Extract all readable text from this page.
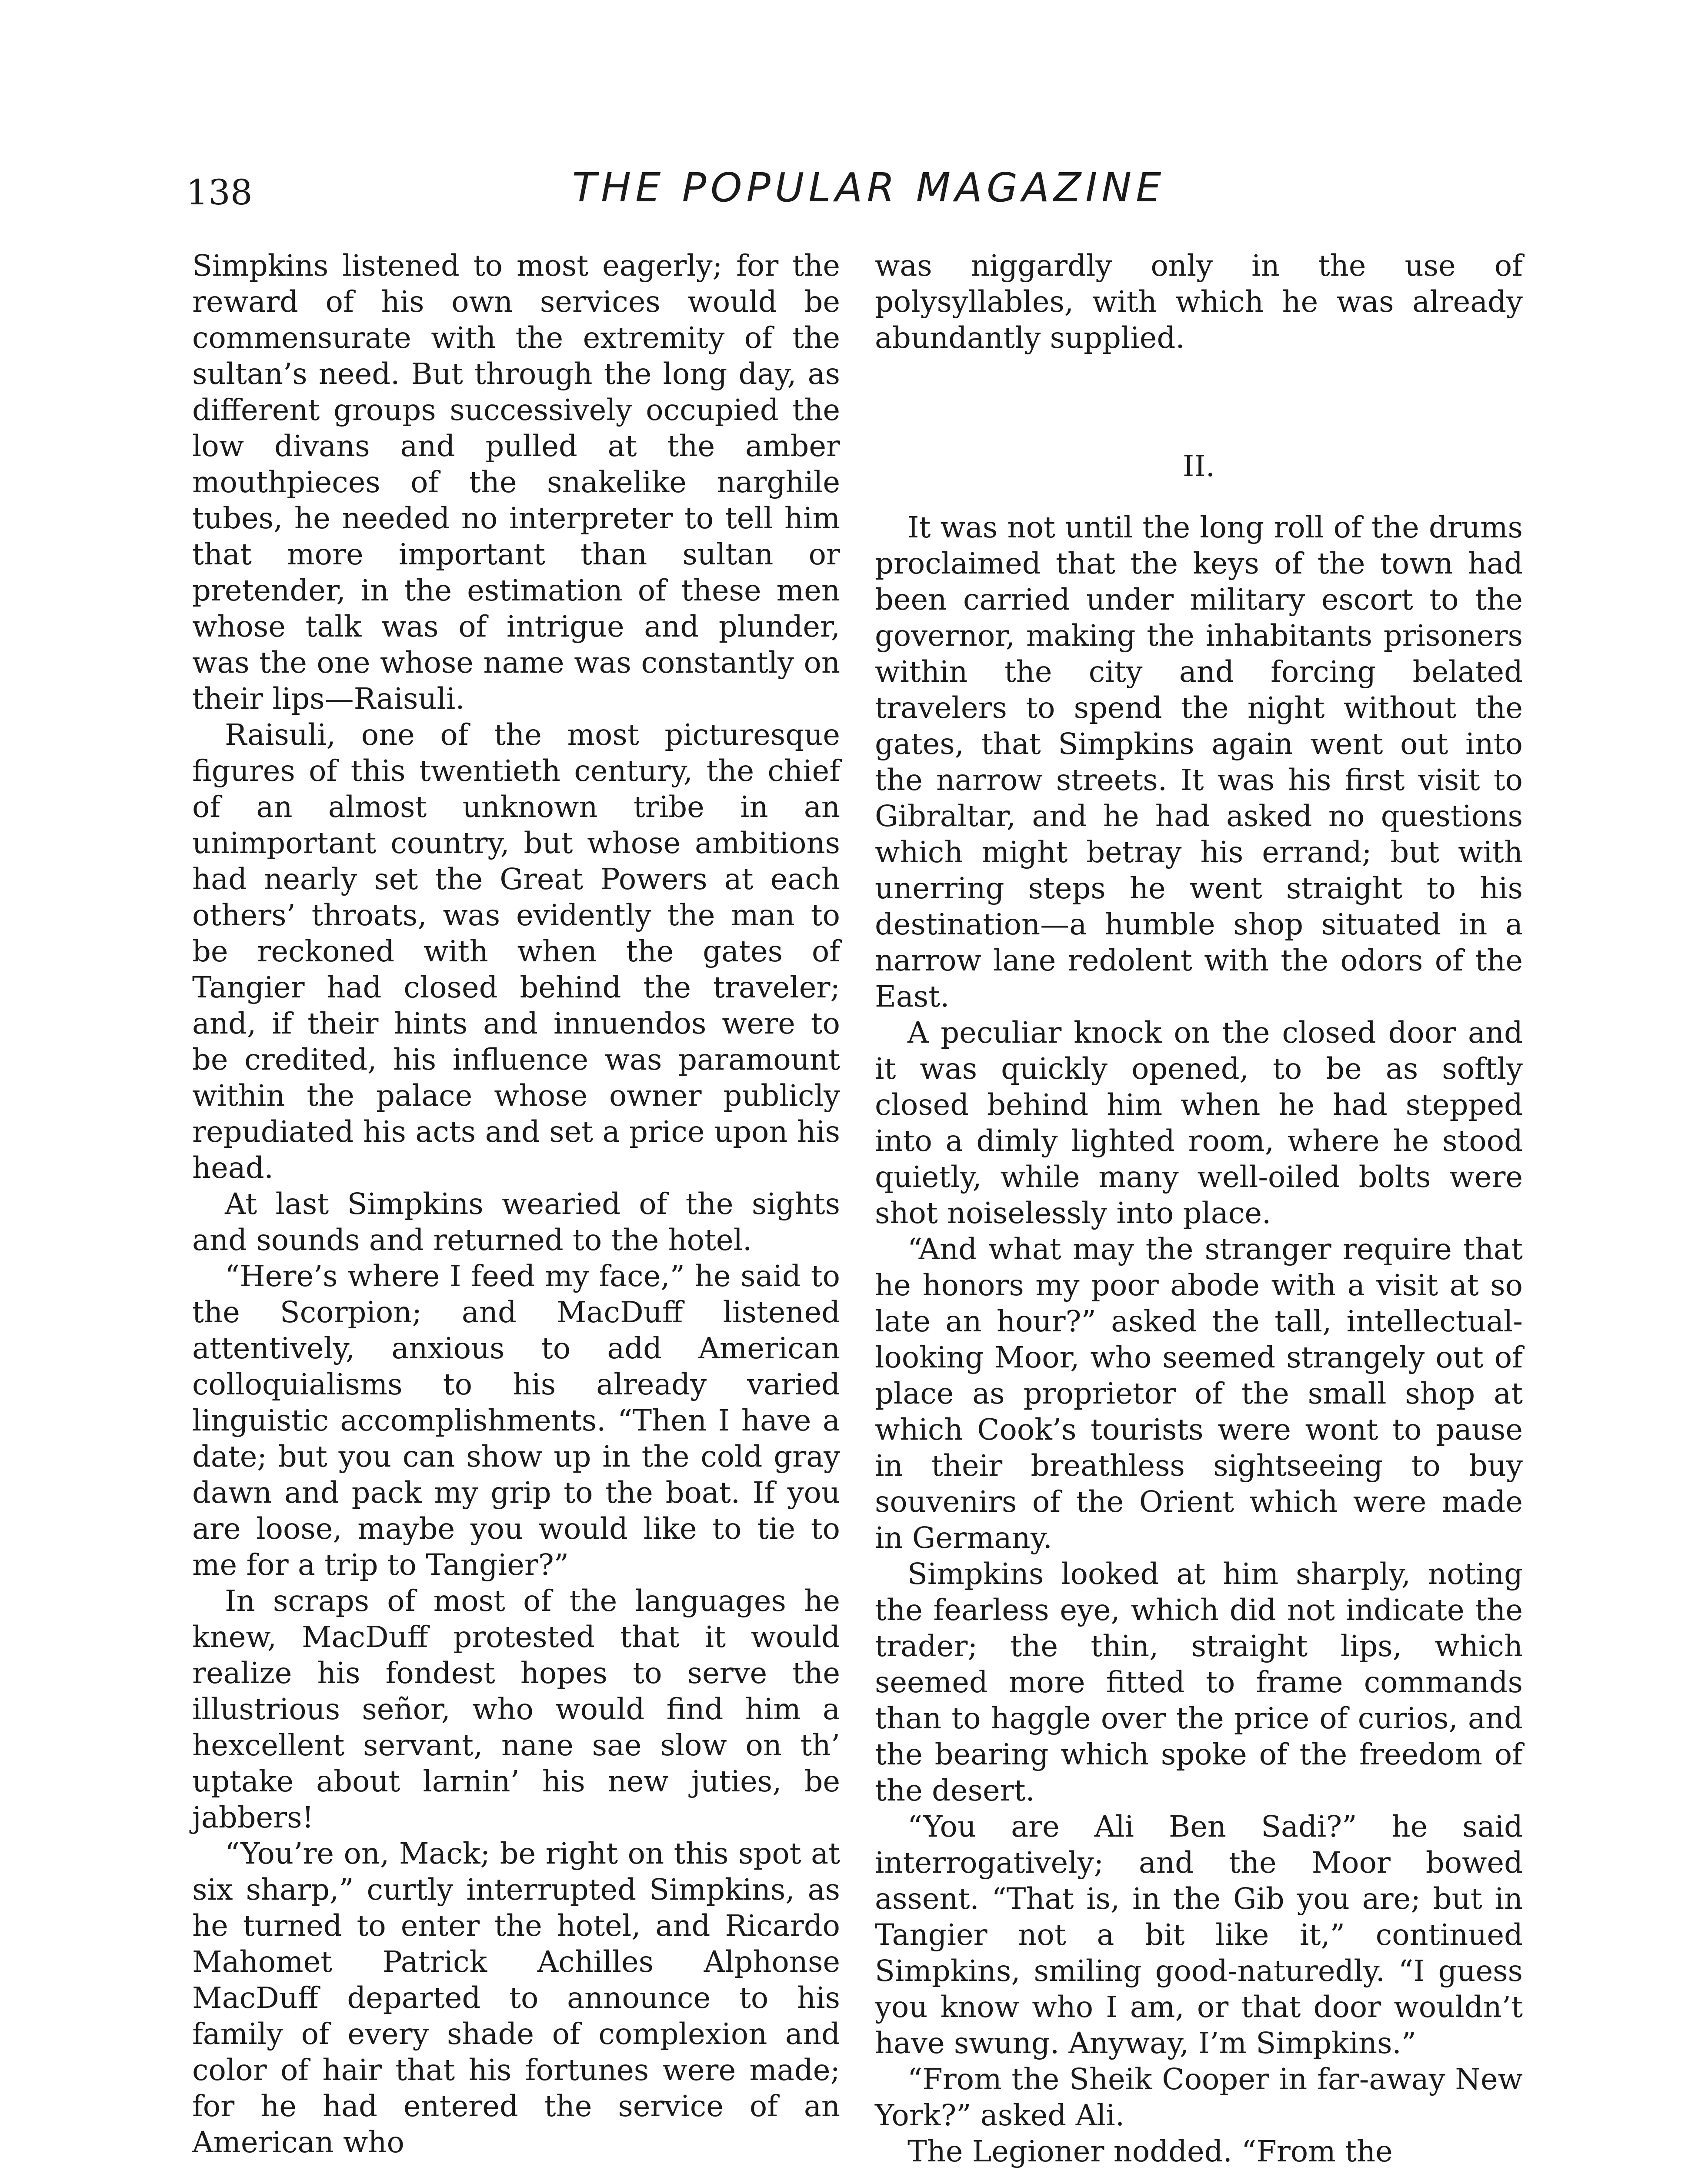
138	THE POPULAR MAGAZINE

Simpkins listened to most eagerly; for the reward of his own services would be commensurate with the extremity of the sultan’s need. But through the long day, as different groups successively occupied the low divans and pulled at the amber mouthpieces of the snakelike narghile tubes, he needed no interpreter to tell him that more important than sultan or pretender, in the estimation of these men whose talk was of intrigue and plunder, was the one whose name was constantly on their lips—Raisuli.

Raisuli, one of the most picturesque figures of this twentieth century, the chief of an almost unknown tribe in an unimportant country, but whose ambitions had nearly set the Great Powers at each others’ throats, was evidently the man to be reckoned with when the gates of Tangier had closed behind the traveler; and, if their hints and innuendos were to be credited, his influence was paramount within the palace whose owner publicly repudiated his acts and set a price upon his head.

At last Simpkins wearied of the sights and sounds and returned to the hotel.

“Here’s where I feed my face,” he said to the Scorpion; and MacDuff listened attentively, anxious to add American colloquialisms to his already varied linguistic accomplishments. “Then I have a date; but you can show up in the cold gray dawn and pack my grip to the boat. If you are loose, maybe you would like to tie to me for a trip to Tangier?”

In scraps of most of the languages he knew, MacDuff protested that it would realize his fondest hopes to serve the illustrious señor, who would find him a hexcellent servant, nane sae slow on th’ uptake about larnin’ his new juties, be jabbers!

“You’re on, Mack; be right on this spot at six sharp,” curtly interrupted Simpkins, as he turned to enter the hotel, and Ricardo Mahomet Patrick Achilles Alphonse MacDuff departed to announce to his family of every shade of complexion and color of hair that his fortunes were made; for he had entered the service of an American who

was niggardly only in the use of polysyllables, with which he was already abundantly supplied.

II.

It was not until the long roll of the drums proclaimed that the keys of the town had been carried under military escort to the governor, making the inhabitants prisoners within the city and forcing belated travelers to spend the night without the gates, that Simpkins again went out into the narrow streets. It was his first visit to Gibraltar, and he had asked no questions which might betray his errand; but with unerring steps he went straight to his destination—a humble shop situated in a narrow lane redolent with the odors of the East.

A peculiar knock on the closed door and it was quickly opened, to be as softly closed behind him when he had stepped into a dimly lighted room, where he stood quietly, while many well-oiled bolts were shot noiselessly into place.

“And what may the stranger require that he honors my poor abode with a visit at so late an hour?” asked the tall, intellectual-looking Moor, who seemed strangely out of place as proprietor of the small shop at which Cook’s tourists were wont to pause in their breathless sightseeing to buy souvenirs of the Orient which were made in Germany.

Simpkins looked at him sharply, noting the fearless eye, which did not indicate the trader; the thin, straight lips, which seemed more fitted to frame commands than to haggle over the price of curios, and the bearing which spoke of the freedom of the desert.

“You are Ali Ben Sadi?” he said interrogatively; and the Moor bowed assent. “That is, in the Gib you are; but in Tangier not a bit like it,” continued Simpkins, smiling good-naturedly. “I guess you know who I am, or that door wouldn’t have swung. Anyway, I’m Simpkins.”

“From the Sheik Cooper in far-away New York?” asked Ali.

The Legioner nodded. “From the
